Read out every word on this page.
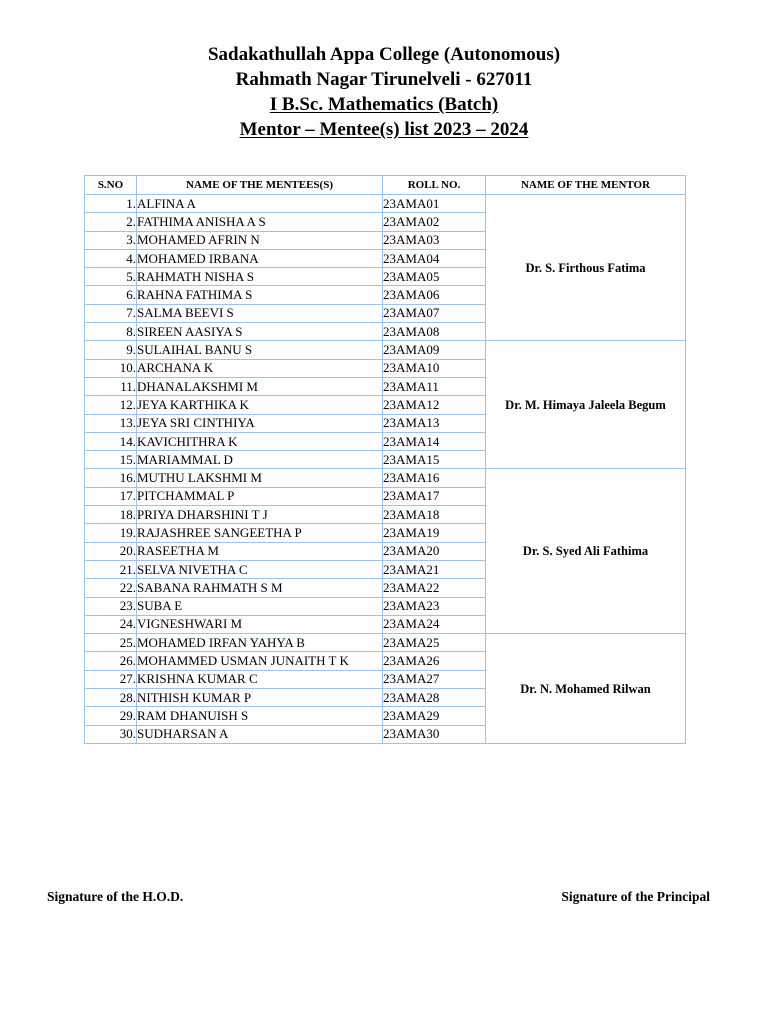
Sadakathullah Appa College (Autonomous)
Rahmath Nagar Tirunelveli - 627011
I B.Sc. Mathematics (Batch)
Mentor – Mentee(s) list 2023 – 2024
S.NO	NAME OF THE MENTEES(S)	ROLL NO.	NAME OF THE MENTOR
1.	ALFINA A	23AMA01	Dr. S. Firthous Fatima
2.	FATHIMA ANISHA A S	23AMA02	
3.	MOHAMED AFRIN N	23AMA03	
4.	MOHAMED IRBANA	23AMA04	
5.	RAHMATH NISHA S	23AMA05	
6.	RAHNA FATHIMA S	23AMA06	
7.	SALMA BEEVI S	23AMA07	
8.	SIREEN AASIYA S	23AMA08	
9.	SULAIHAL BANU S	23AMA09	Dr. M. Himaya Jaleela Begum
10.	ARCHANA K	23AMA10	
11.	DHANALAKSHMI M	23AMA11	
12.	JEYA KARTHIKA K	23AMA12	
13.	JEYA SRI CINTHIYA	23AMA13	
14.	KAVICHITHRA K	23AMA14	
15.	MARIAMMAL D	23AMA15	
16.	MUTHU LAKSHMI M	23AMA16	Dr. S. Syed Ali Fathima
17.	PITCHAMMAL P	23AMA17	
18.	PRIYA DHARSHINI T J	23AMA18	
19.	RAJASHREE SANGEETHA P	23AMA19	
20.	RASEETHA M	23AMA20	
21.	SELVA NIVETHA C	23AMA21	
22.	SABANA RAHMATH S M	23AMA22	
23.	SUBA E	23AMA23	
24.	VIGNESHWARI M	23AMA24	
25.	MOHAMED IRFAN YAHYA B	23AMA25	Dr. N. Mohamed Rilwan
26.	MOHAMMED USMAN JUNAITH T K	23AMA26	
27.	KRISHNA KUMAR C	23AMA27	
28.	NITHISH KUMAR P	23AMA28	
29.	RAM DHANUISH S	23AMA29	
30.	SUDHARSAN A	23AMA30	
Signature of the H.O.D.	Signature of the Principal
